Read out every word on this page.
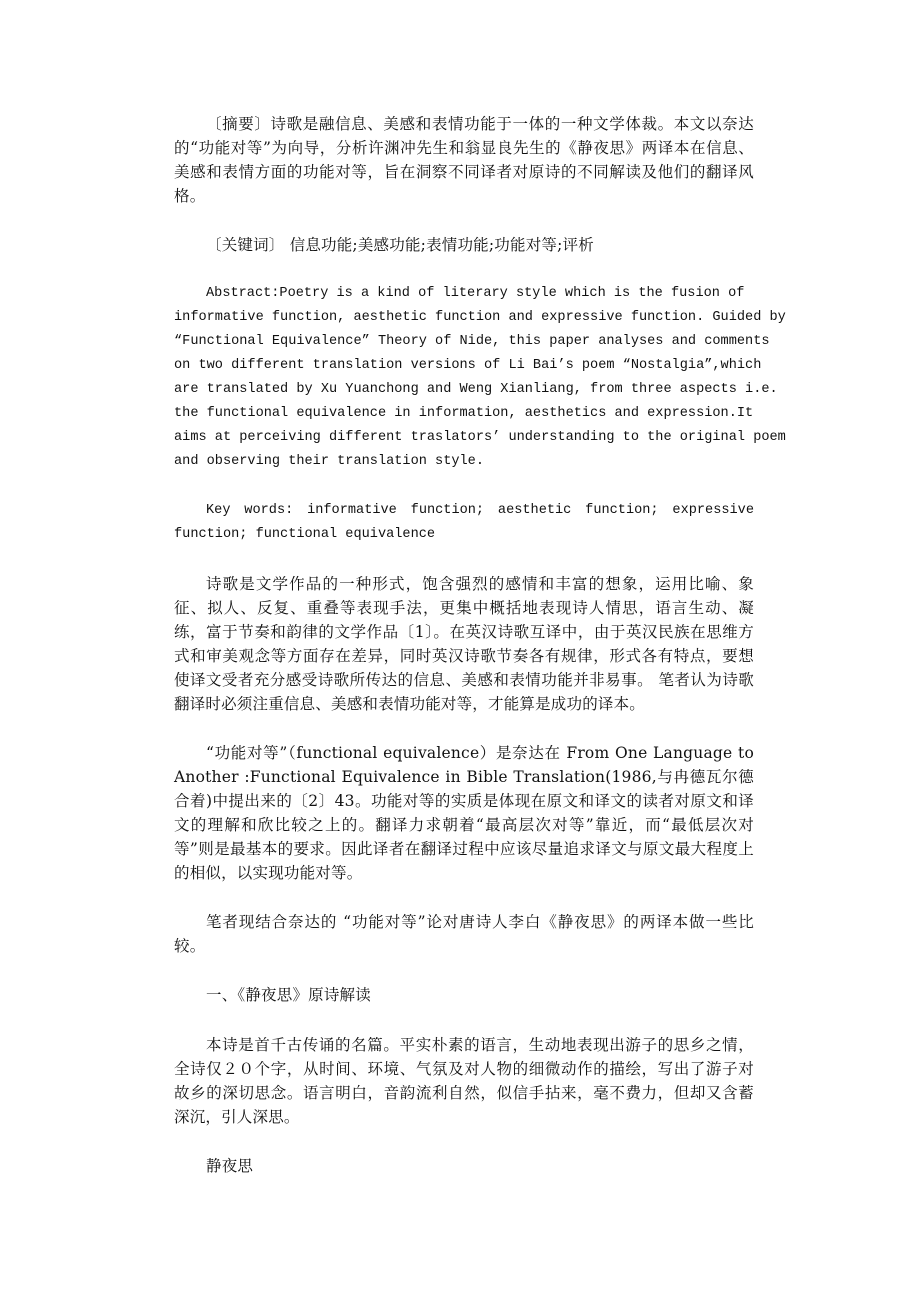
〔摘要〕诗歌是融信息、美感和表情功能于一体的一种文学体裁。本文以奈达的“功能对等”为向导，分析许渊冲先生和翁显良先生的《静夜思》两译本在信息、美感和表情方面的功能对等，旨在洞察不同译者对原诗的不同解读及他们的翻译风格。

〔关键词〕 信息功能;美感功能;表情功能;功能对等;评析

Abstract:Poetry is a kind of literary style which is the fusion of informative function, aesthetic function and expressive function. Guided by “Functional Equivalence” Theory of Nide, this paper analyses and comments on two different translation versions of Li Bai’s poem “Nostalgia”,which are translated by Xu Yuanchong and Weng Xianliang, from three aspects i.e. the functional equivalence in information, aesthetics and expression.It aims at perceiving different traslators’ understanding to the original poem and observing their translation style.

Key words: informative function; aesthetic function; expressive function; functional equivalence

诗歌是文学作品的一种形式，饱含强烈的感情和丰富的想象，运用比喻、象征、拟人、反复、重叠等表现手法，更集中概括地表现诗人情思，语言生动、凝练，富于节奏和韵律的文学作品〔1〕。在英汉诗歌互译中，由于英汉民族在思维方式和审美观念等方面存在差异，同时英汉诗歌节奏各有规律，形式各有特点，要想使译文受者充分感受诗歌所传达的信息、美感和表情功能并非易事。 笔者认为诗歌翻译时必须注重信息、美感和表情功能对等，才能算是成功的译本。

“功能对等”（functional equivalence）是奈达在 From One Language to Another :Functional Equivalence in Bible Translation(1986,与冉德瓦尔德合着)中提出来的〔2〕43。功能对等的实质是体现在原文和译文的读者对原文和译文的理解和欣比较之上的。翻译力求朝着“最高层次对等”靠近，而“最低层次对等”则是最基本的要求。因此译者在翻译过程中应该尽量追求译文与原文最大程度上的相似，以实现功能对等。

笔者现结合奈达的 “功能对等”论对唐诗人李白《静夜思》的两译本做一些比较。

一、《静夜思》原诗解读

本诗是首千古传诵的名篇。平实朴素的语言，生动地表现出游子的思乡之情，全诗仅２０个字，从时间、环境、气氛及对人物的细微动作的描绘，写出了游子对故乡的深切思念。语言明白，音韵流利自然，似信手拈来，毫不费力，但却又含蓄深沉，引人深思。

静夜思
